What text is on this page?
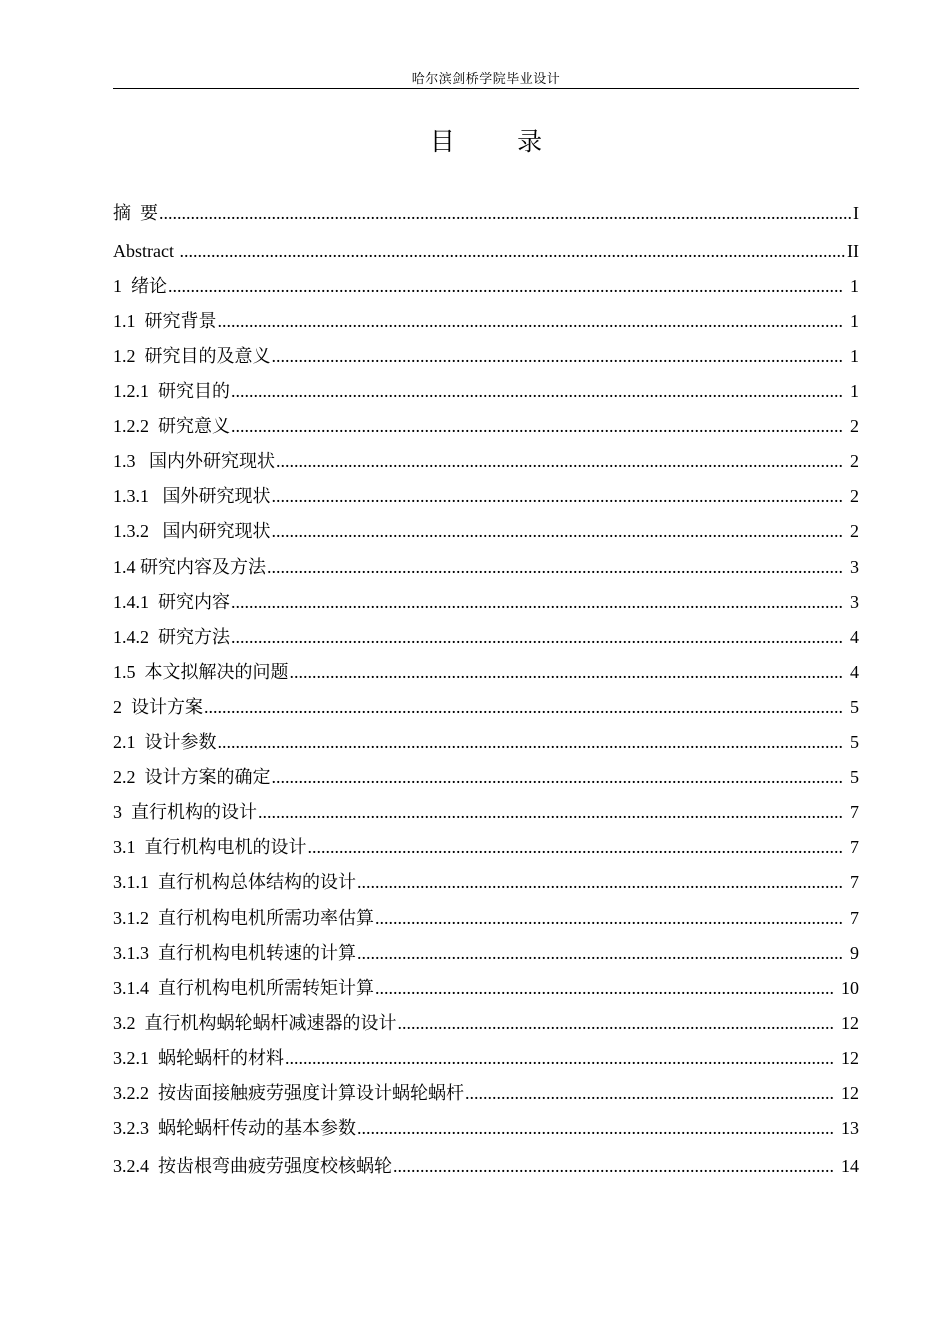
哈尔滨剑桥学院毕业设计
目 录
摘  要 .....	I
Abstract .....	II
1  绪论 .....	1
1.1  研究背景 .....	1
1.2  研究目的及意义 .....	1
1.2.1  研究目的 .....	1
1.2.2  研究意义 .....	2
1.3   国内外研究现状 .....	2
1.3.1   国外研究现状 .....	2
1.3.2   国内研究现状 .....	2
1.4 研究内容及方法 .....	3
1.4.1  研究内容 .....	3
1.4.2  研究方法 .....	4
1.5  本文拟解决的问题 .....	4
2  设计方案 .....	5
2.1  设计参数 .....	5
2.2  设计方案的确定 .....	5
3  直行机构的设计 .....	7
3.1  直行机构电机的设计 .....	7
3.1.1  直行机构总体结构的设计 .....	7
3.1.2  直行机构电机所需功率估算 .....	7
3.1.3  直行机构电机转速的计算 .....	9
3.1.4  直行机构电机所需转矩计算 .....	10
3.2  直行机构蜗轮蜗杆减速器的设计 .....	12
3.2.1  蜗轮蜗杆的材料 .....	12
3.2.2  按齿面接触疲劳强度计算设计蜗轮蜗杆 .....	12
3.2.3  蜗轮蜗杆传动的基本参数 .....	13
3.2.4  按齿根弯曲疲劳强度校核蜗轮 .....	14
